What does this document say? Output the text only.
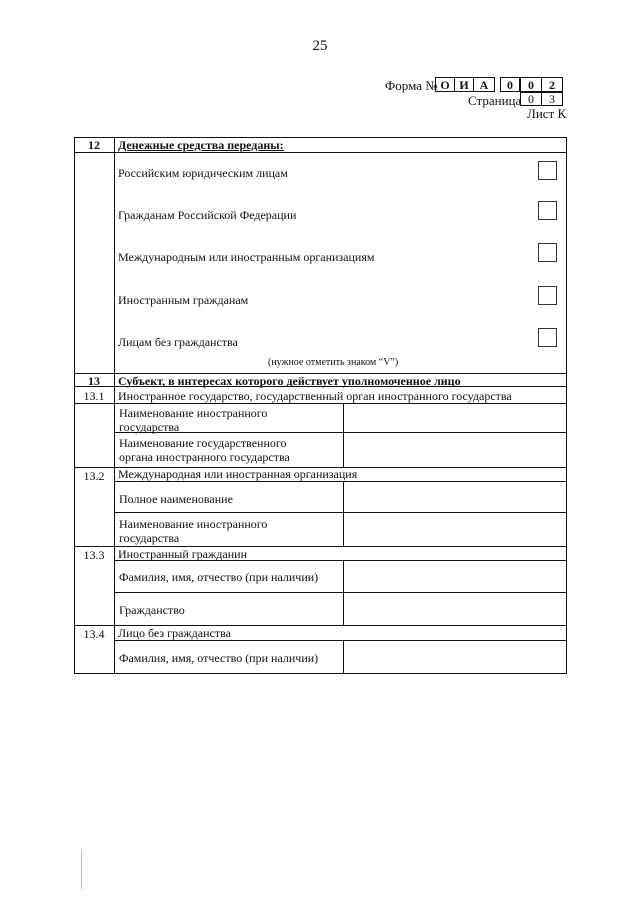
25
Форма № О И А	0	0	2
Страница 0	3
Лист К
12	Денежные средства переданы:
Российским юридическим лицам
Гражданам Российской Федерации
Международным или иностранным организациям
Иностранным гражданам
Лицам без гражданства
(нужное отметить знаком “V”)
13	Субъект, в интересах которого действует уполномоченное лицо
13.1	Иностранное государство, государственный орган иностранного государства
Наименование иностранного
государства
Наименование государственного
органа иностранного государства
13.2	Международная или иностранная организация
Полное наименование
Наименование иностранного
государства
13.3	Иностранный гражданин
Фамилия, имя, отчество (при наличии)
Гражданство
13.4	Лицо без гражданства
Фамилия, имя, отчество (при наличии)
